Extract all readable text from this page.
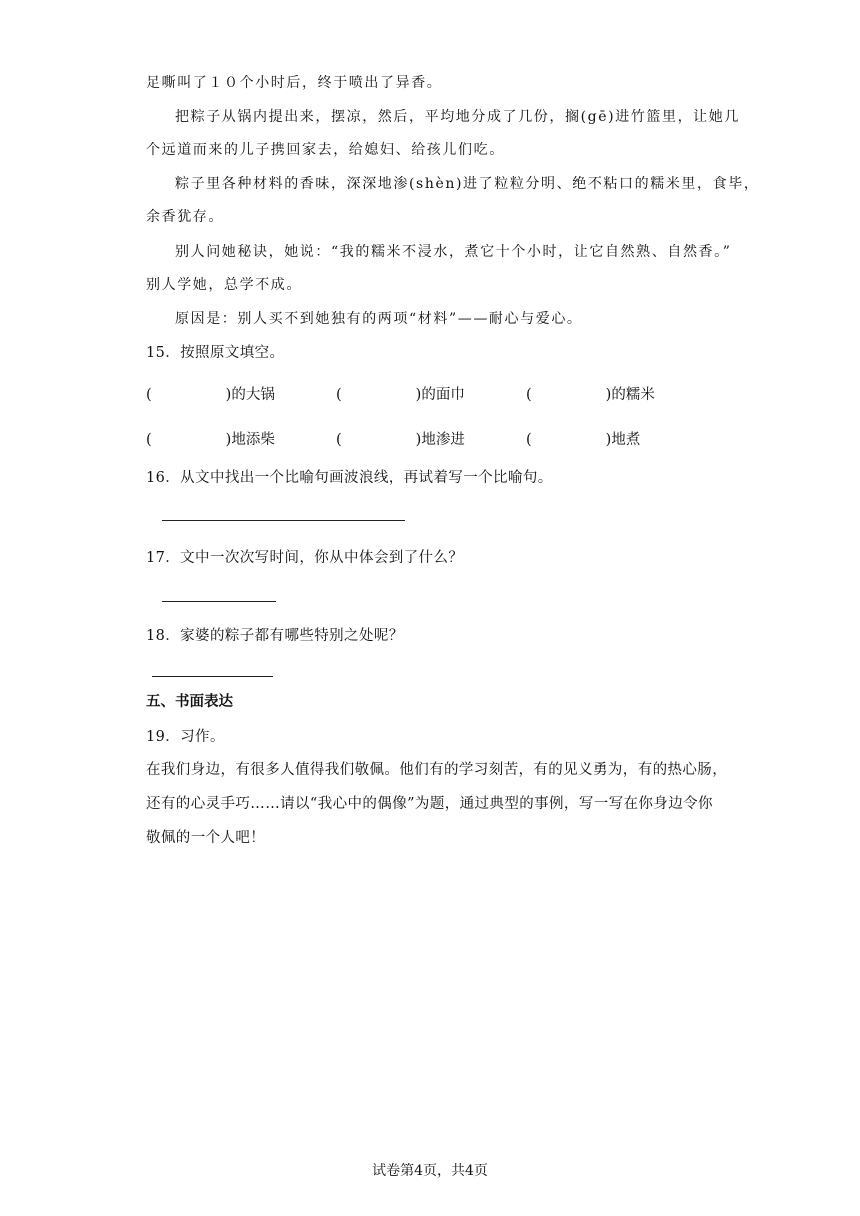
足嘶叫了１０个小时后，终于喷出了异香。
把粽子从锅内提出来，摆凉，然后，平均地分成了几份，搁(gē)进竹篮里，让她几
个远道而来的儿子携回家去，给媳妇、给孩儿们吃。
粽子里各种材料的香味，深深地渗(shèn)进了粒粒分明、绝不粘口的糯米里，食毕，
余香犹存。
别人问她秘诀，她说：“我的糯米不浸水，煮它十个小时，让它自然熟、自然香。”
别人学她，总学不成。
原因是：别人买不到她独有的两项“材料”——耐心与爱心。
15．按照原文填空。
(	)的大锅	(	)的面巾	(	)的糯米
(	)地添柴	(	)地渗进	(	)地煮
16．从文中找出一个比喻句画波浪线，再试着写一个比喻句。
17．文中一次次写时间，你从中体会到了什么？
18．家婆的粽子都有哪些特别之处呢？
五、书面表达
19．习作。
在我们身边，有很多人值得我们敬佩。他们有的学习刻苦，有的见义勇为，有的热心肠，
还有的心灵手巧……请以“我心中的偶像”为题，通过典型的事例，写一写在你身边令你
敬佩的一个人吧！
试卷第4页，共4页
